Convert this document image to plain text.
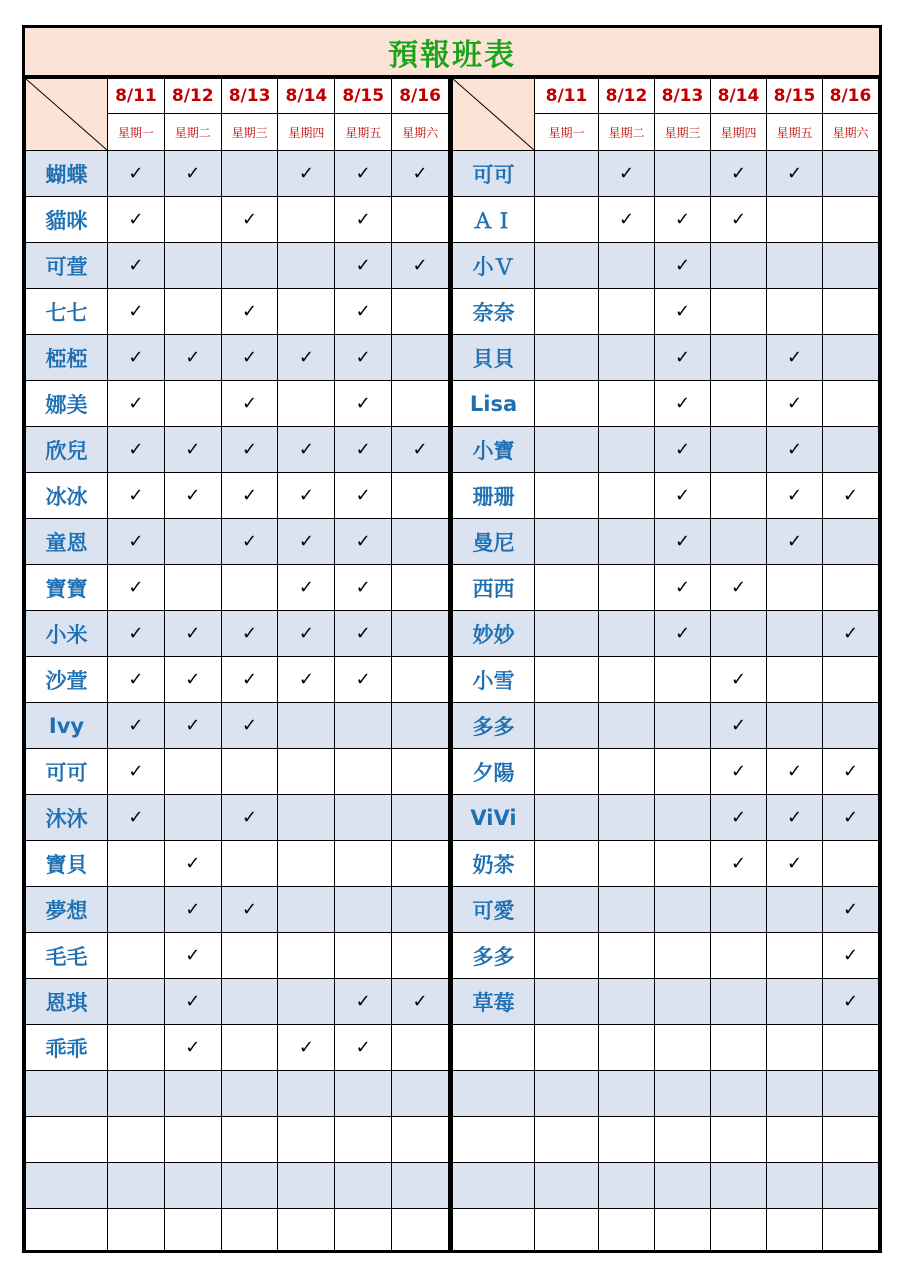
預報班表
	8/11	8/12	8/13	8/14	8/15	8/16
	星期一	星期二	星期三	星期四	星期五	星期六
蝴蝶	✓	✓		✓	✓	✓
貓咪	✓		✓		✓	
可萱	✓				✓	✓
七七	✓		✓		✓	
椏椏	✓	✓	✓	✓	✓	
娜美	✓		✓		✓	
欣兒	✓	✓	✓	✓	✓	✓
冰冰	✓	✓	✓	✓	✓	
童恩	✓		✓	✓	✓	
寶寶	✓			✓	✓	
小米	✓	✓	✓	✓	✓	
沙萱	✓	✓	✓	✓	✓	
Ivy	✓	✓	✓			
可可	✓					
沐沐	✓		✓			
寶貝		✓				
夢想		✓	✓			
毛毛		✓				
恩琪		✓			✓	✓
乖乖		✓		✓	✓	

	8/11	8/12	8/13	8/14	8/15	8/16
	星期一	星期二	星期三	星期四	星期五	星期六
可可		✓		✓	✓	
ＡＩ		✓	✓	✓		
小Ｖ			✓			
奈奈			✓			
貝貝			✓		✓	
Lisa			✓		✓	
小寶			✓		✓	
珊珊			✓		✓	✓
曼尼			✓		✓	
西西			✓	✓		
妙妙			✓			✓
小雪				✓		
多多				✓		
夕陽				✓	✓	✓
ViVi				✓	✓	✓
奶茶				✓	✓	
可愛						✓
多多						✓
草莓						✓
